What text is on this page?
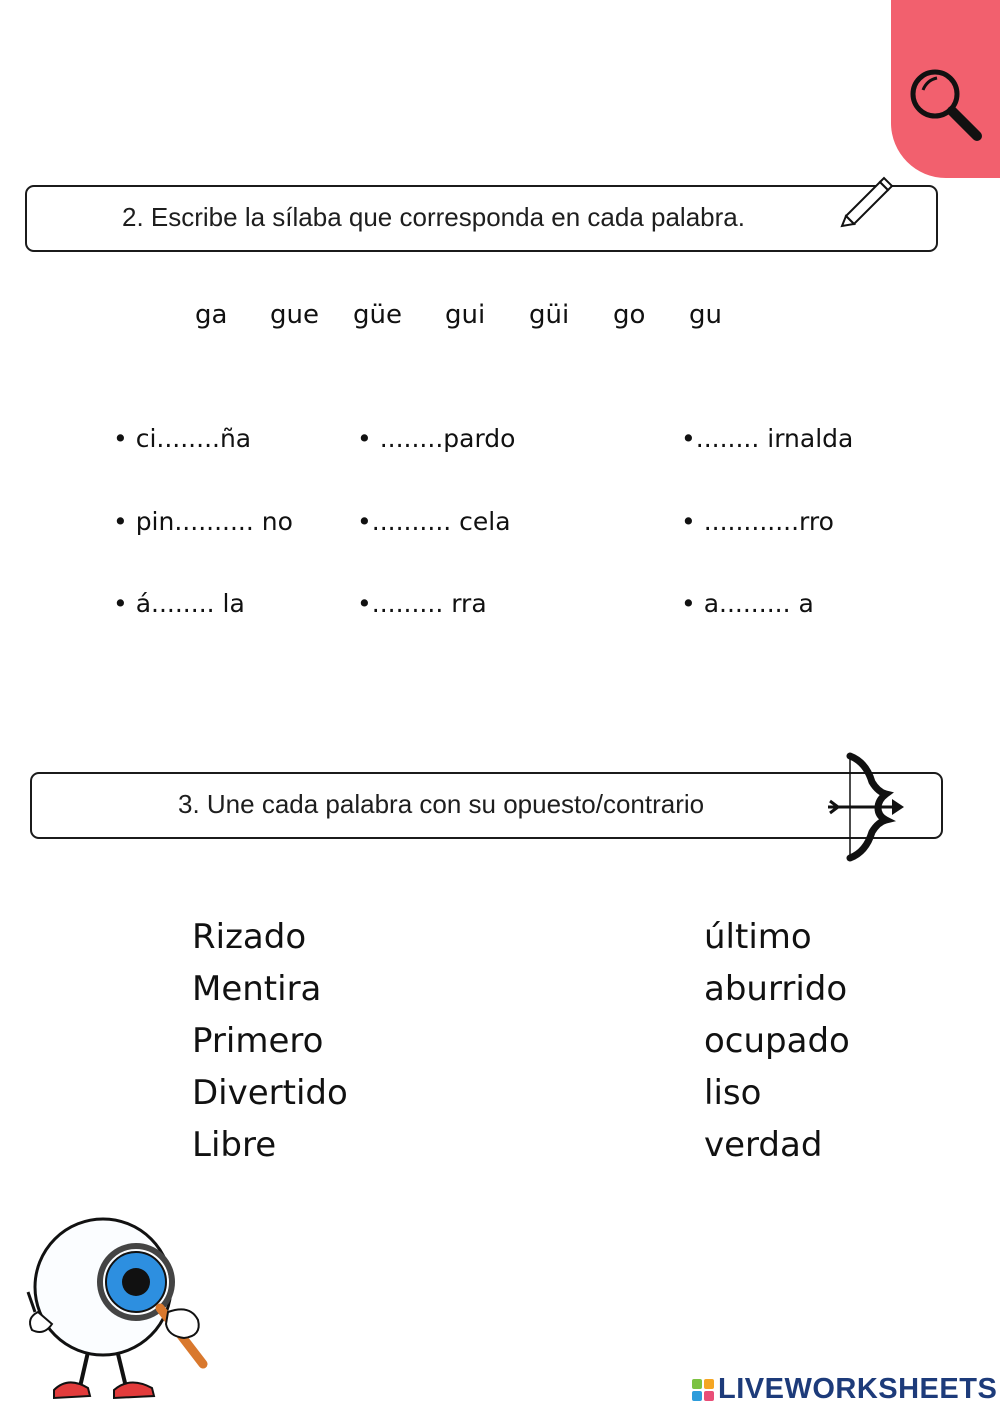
2. Escribe la sílaba que corresponda en cada palabra.
ga gue güe gui güi go gu
• ci........ña	• ........pardo	•........ irnalda
• pin.......... no	•.......... cela	• ............rro
• á........ la	•......... rra	• a......... a
3. Une cada palabra con su opuesto/contrario
Rizado
Mentira
Primero
Divertido
Libre
último
aburrido
ocupado
liso
verdad
LIVEWORKSHEETS
